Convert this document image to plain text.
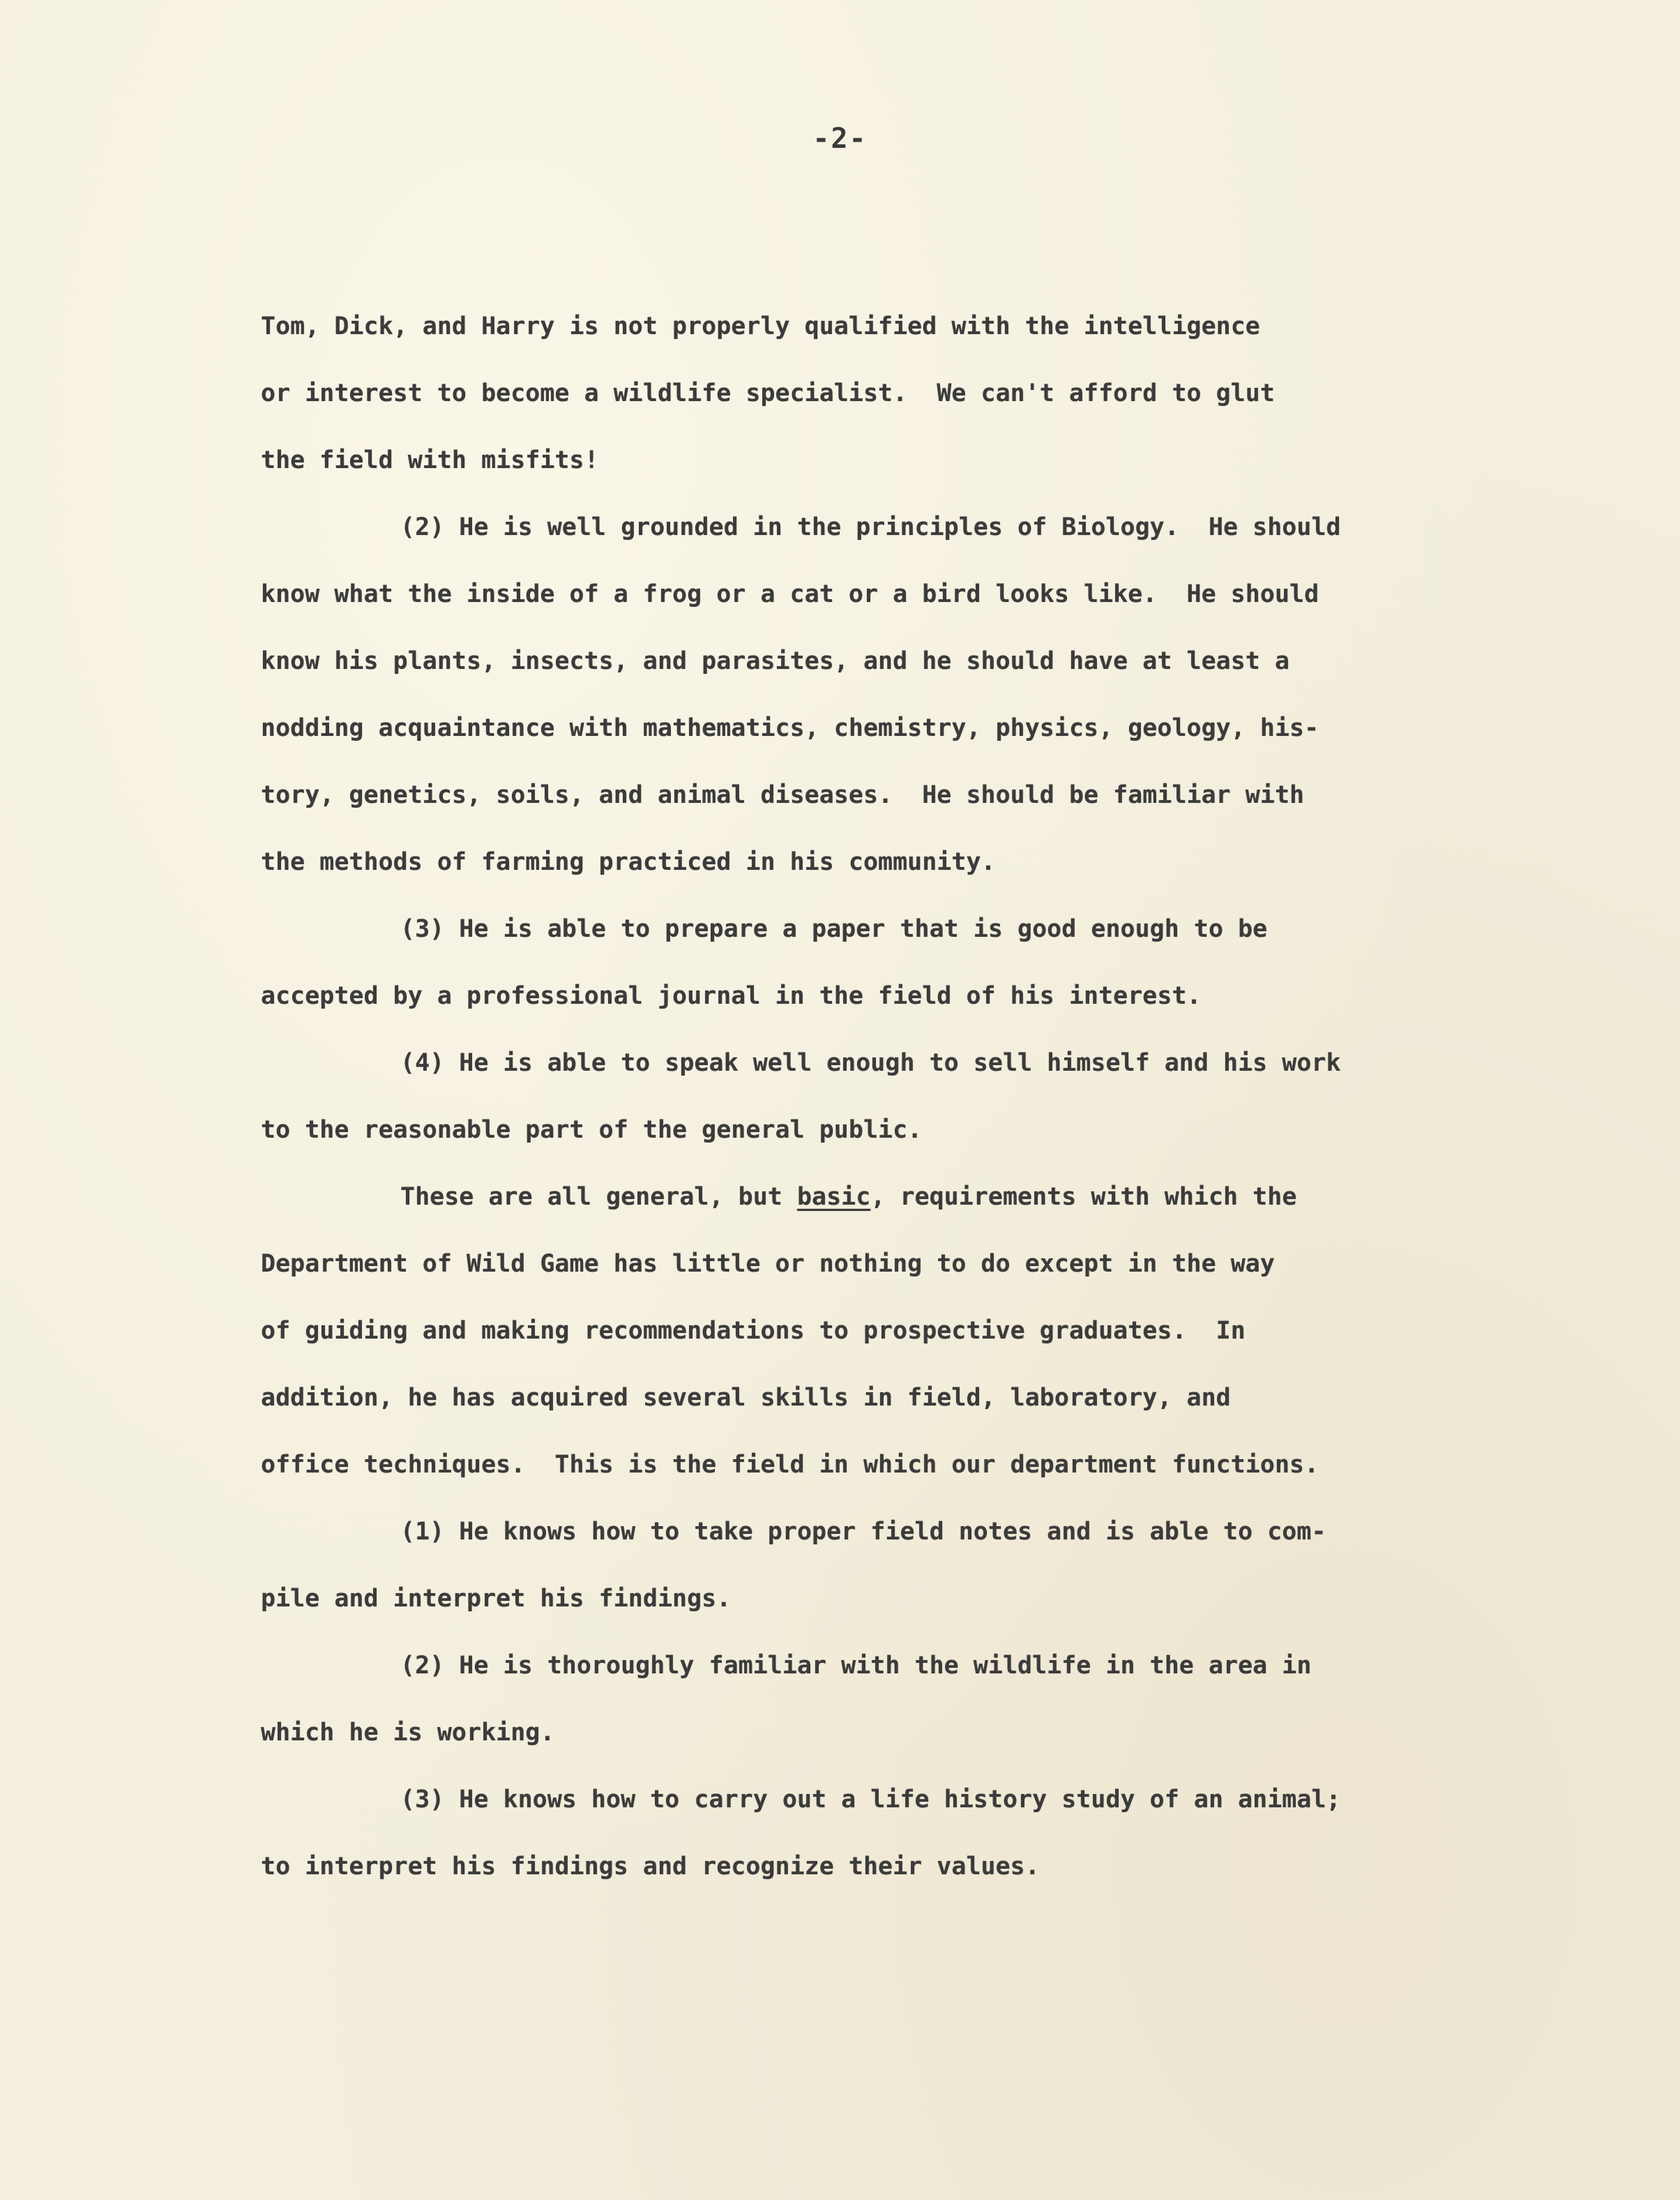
-2-
Tom, Dick, and Harry is not properly qualified with the intelligence
or interest to become a wildlife specialist.  We can't afford to glut
the field with misfits!
(2) He is well grounded in the principles of Biology.  He should
know what the inside of a frog or a cat or a bird looks like.  He should
know his plants, insects, and parasites, and he should have at least a
nodding acquaintance with mathematics, chemistry, physics, geology, his-
tory, genetics, soils, and animal diseases.  He should be familiar with
the methods of farming practiced in his community.
(3) He is able to prepare a paper that is good enough to be
accepted by a professional journal in the field of his interest.
(4) He is able to speak well enough to sell himself and his work
to the reasonable part of the general public.
These are all general, but basic, requirements with which the
Department of Wild Game has little or nothing to do except in the way
of guiding and making recommendations to prospective graduates.  In
addition, he has acquired several skills in field, laboratory, and
office techniques.  This is the field in which our department functions.
(1) He knows how to take proper field notes and is able to com-
pile and interpret his findings.
(2) He is thoroughly familiar with the wildlife in the area in
which he is working.
(3) He knows how to carry out a life history study of an animal;
to interpret his findings and recognize their values.
